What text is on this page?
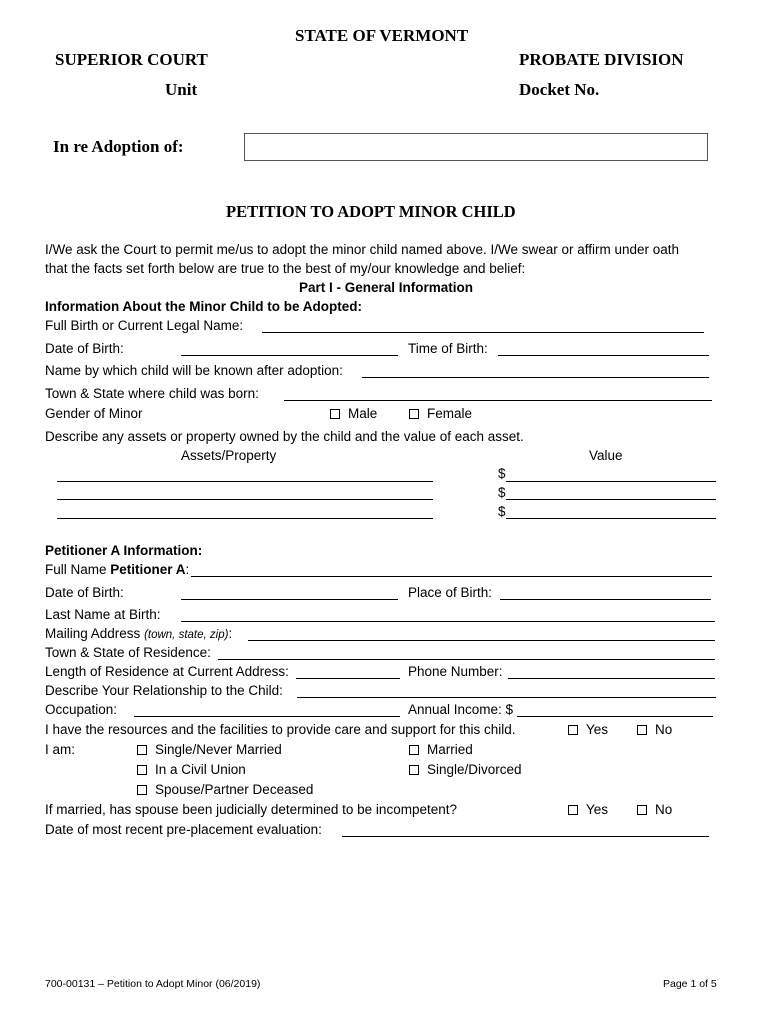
STATE OF VERMONT
SUPERIOR COURT	PROBATE DIVISION
Unit	Docket No.
In re Adoption of:
PETITION TO ADOPT MINOR CHILD
I/We ask the Court to permit me/us to adopt the minor child named above. I/We swear or affirm under oath
that the facts set forth below are true to the best of my/our knowledge and belief:
Part I - General Information
Information About the Minor Child to be Adopted:
Full Birth or Current Legal Name:
Date of Birth:	Time of Birth:
Name by which child will be known after adoption:
Town & State where child was born:
Gender of Minor	Male	Female
Describe any assets or property owned by the child and the value of each asset.
Assets/Property	Value
$
$
$
Petitioner A Information:
Full Name Petitioner A:
Date of Birth:	Place of Birth:
Last Name at Birth:
Mailing Address (town, state, zip):
Town & State of Residence:
Length of Residence at Current Address:	Phone Number:
Describe Your Relationship to the Child:
Occupation:	Annual Income: $
I have the resources and the facilities to provide care and support for this child.	Yes	No
I am:	Single/Never Married	Married
In a Civil Union	Single/Divorced
Spouse/Partner Deceased
If married, has spouse been judicially determined to be incompetent?	Yes	No
Date of most recent pre-placement evaluation:
700-00131 – Petition to Adopt Minor (06/2019)	Page 1 of 5
